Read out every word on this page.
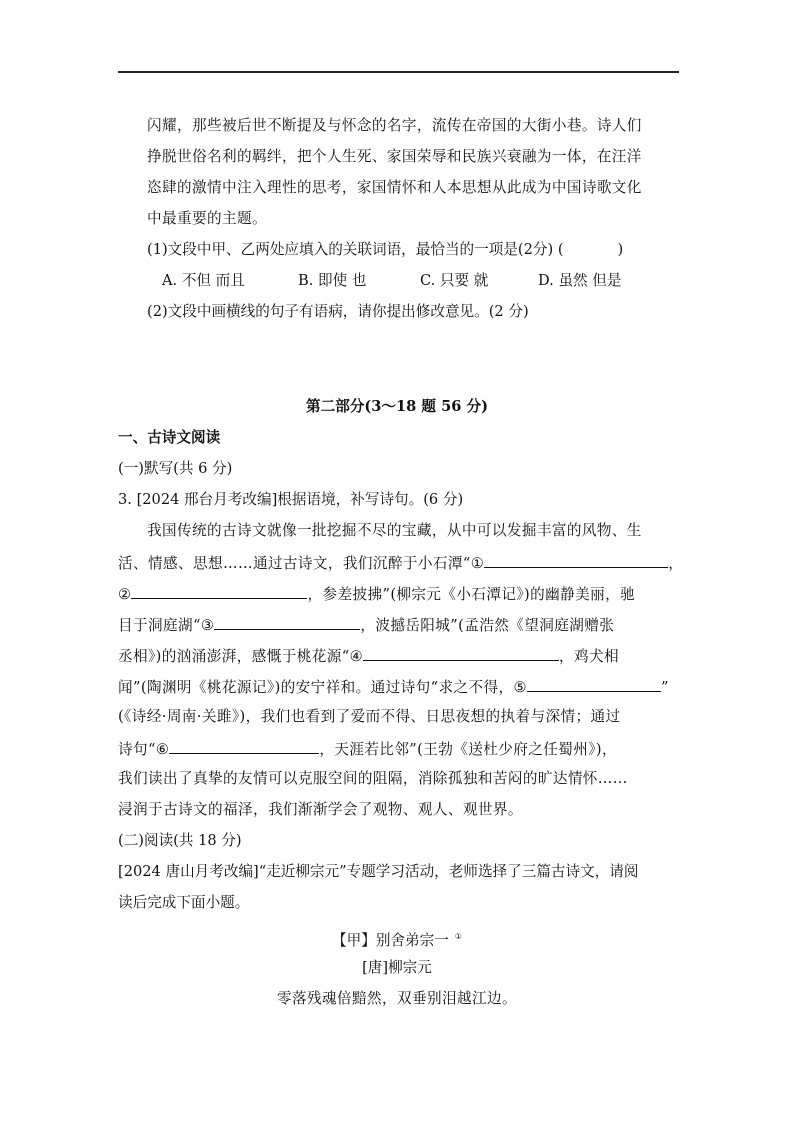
闪耀，那些被后世不断提及与怀念的名字，流传在帝国的大街小巷。诗人们
挣脱世俗名利的羁绊，把个人生死、家国荣辱和民族兴衰融为一体，在汪洋
恣肆的激情中注入理性的思考，家国情怀和人本思想从此成为中国诗歌文化
中最重要的主题。
(1)文段中甲、乙两处应填入的关联词语，最恰当的一项是(2分) (	)
A. 不但 而且	B. 即使 也	C. 只要 就	D. 虽然 但是
(2)文段中画横线的句子有语病，请你提出修改意见。(2 分)
第二部分(3～18 题 56 分)
一、古诗文阅读
(一)默写(共 6 分)
3. [2024 邢台月考改编]根据语境，补写诗句。(6 分)
我国传统的古诗文就像一批挖掘不尽的宝藏，从中可以发掘丰富的风物、生
活、情感、思想……通过古诗文，我们沉醉于小石潭“①	，
②	，参差披拂”(柳宗元《小石潭记》)的幽静美丽，驰
目于洞庭湖“③	，波撼岳阳城”(孟浩然《望洞庭湖赠张
丞相》)的汹涌澎湃，感慨于桃花源“④	，鸡犬相
闻”(陶渊明《桃花源记》)的安宁祥和。通过诗句“求之不得，⑤	”
(《诗经·周南·关雎》)，我们也看到了爱而不得、日思夜想的执着与深情；通过
诗句“⑥	，天涯若比邻”(王勃《送杜少府之任蜀州》)，
我们读出了真挚的友情可以克服空间的阻隔，消除孤独和苦闷的旷达情怀……
浸润于古诗文的福泽，我们渐渐学会了观物、观人、观世界。
(二)阅读(共 18 分)
[2024 唐山月考改编]“走近柳宗元”专题学习活动，老师选择了三篇古诗文，请阅
读后完成下面小题。
【甲】别舍弟宗一 ①
[唐]柳宗元
零落残魂倍黯然，双垂别泪越江边。
